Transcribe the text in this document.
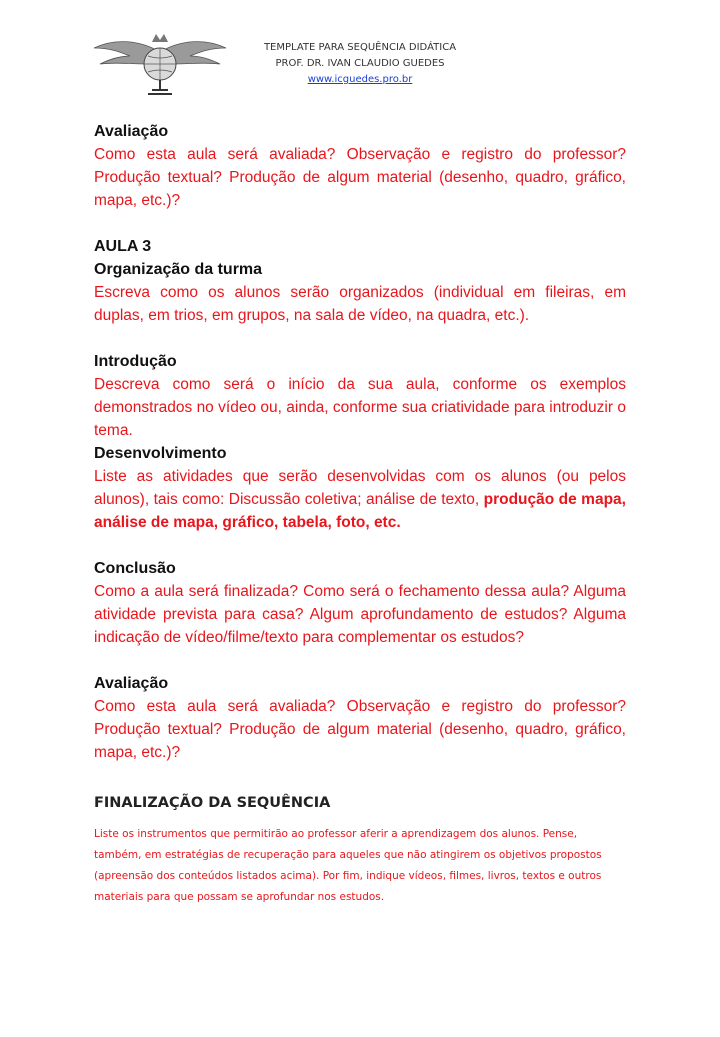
TEMPLATE PARA SEQUÊNCIA DIDÁTICA
PROF. DR. IVAN CLAUDIO GUEDES
www.icguedes.pro.br
Avaliação
Como esta aula será avaliada? Observação e registro do professor? Produção textual? Produção de algum material (desenho, quadro, gráfico, mapa, etc.)?
AULA 3
Organização da turma
Escreva como os alunos serão organizados (individual em fileiras, em duplas, em trios, em grupos, na sala de vídeo, na quadra, etc.).
Introdução
Descreva como será o início da sua aula, conforme os exemplos demonstrados no vídeo ou, ainda, conforme sua criatividade para introduzir o tema.
Desenvolvimento
Liste as atividades que serão desenvolvidas com os alunos (ou pelos alunos), tais como: Discussão coletiva; análise de texto, produção de mapa, análise de mapa, gráfico, tabela, foto, etc.
Conclusão
Como a aula será finalizada? Como será o fechamento dessa aula? Alguma atividade prevista para casa? Algum aprofundamento de estudos? Alguma indicação de vídeo/filme/texto para complementar os estudos?
Avaliação
Como esta aula será avaliada? Observação e registro do professor? Produção textual? Produção de algum material (desenho, quadro, gráfico, mapa, etc.)?
FINALIZAÇÃO DA SEQUÊNCIA
Liste os instrumentos que permitirão ao professor aferir a aprendizagem dos alunos. Pense, também, em estratégias de recuperação para aqueles que não atingirem os objetivos propostos (apreensão dos conteúdos listados acima). Por fim, indique vídeos, filmes, livros, textos e outros materiais para que possam se aprofundar nos estudos.
